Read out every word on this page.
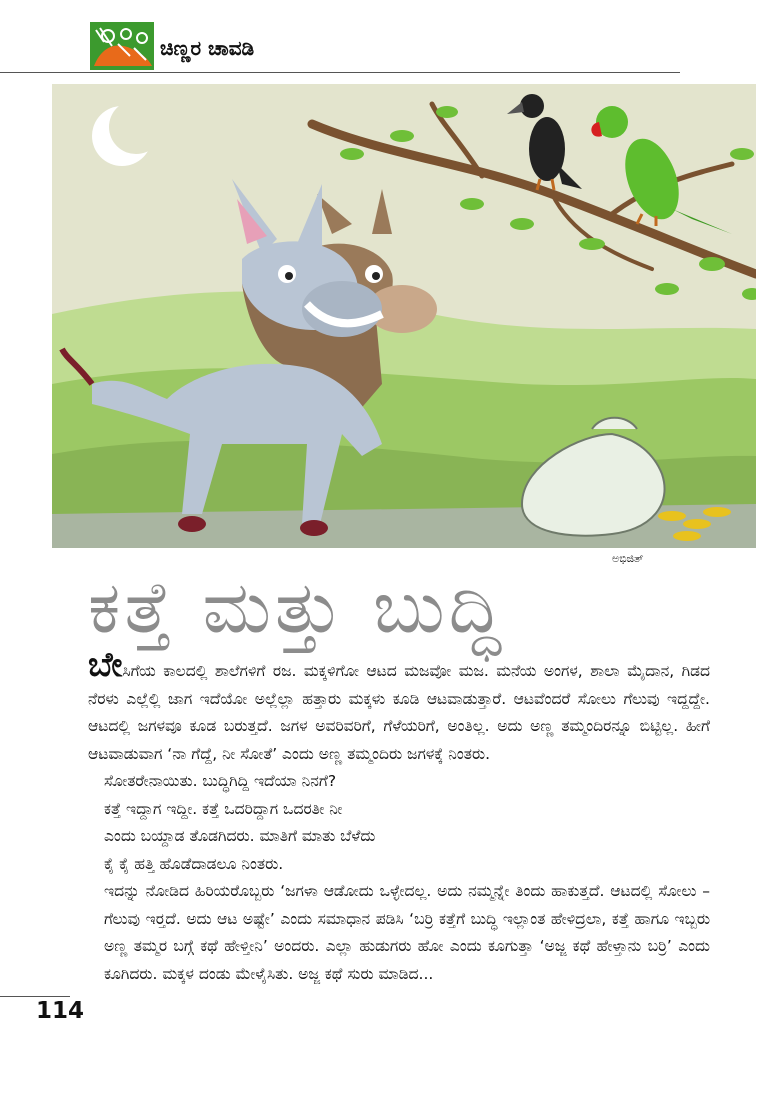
ಚಿಣ್ಣರ ಚಾವಡಿ
ಅಭಿಜಿತ್
ಕತ್ತೆ ಮತ್ತು ಬುದ್ಧಿ

ಬೇಸಿಗೆಯ ಕಾಲದಲ್ಲಿ ಶಾಲೆಗಳಿಗೆ ರಜ. ಮಕ್ಕಳಿಗೋ ಆಟದ ಮಜವೋ ಮಜ. ಮನೆಯ ಅಂಗಳ, ಶಾಲಾ ಮೈದಾನ, ಗಿಡದ ನೆರಳು ಎಲ್ಲೆಲ್ಲಿ ಜಾಗ ಇದೆಯೋ ಅಲ್ಲೆಲ್ಲಾ ಹತ್ತಾರು ಮಕ್ಕಳು ಕೂಡಿ ಆಟವಾಡುತ್ತಾರೆ. ಆಟವೆಂದರೆ ಸೋಲು ಗೆಲುವು ಇದ್ದದ್ದೇ. ಆಟದಲ್ಲಿ ಜಗಳವೂ ಕೂಡ ಬರುತ್ತದೆ. ಜಗಳ ಅವರಿವರಿಗೆ, ಗೆಳೆಯರಿಗೆ, ಅಂತಿಲ್ಲ. ಅದು ಅಣ್ಣ ತಮ್ಮಂದಿರನ್ನೂ ಬಿಟ್ಟಿಲ್ಲ. ಹೀಗೆ ಆಟವಾಡುವಾಗ ‘ನಾ ಗೆದ್ದೆ, ನೀ ಸೋತೆ’ ಎಂದು ಅಣ್ಣ ತಮ್ಮಂದಿರು ಜಗಳಕ್ಕೆ ನಿಂತರು.

ಸೋತರೇನಾಯಿತು. ಬುದ್ಧಿಗಿದ್ದಿ ಇದೆಯಾ ನಿನಗೆ?

ಕತ್ತೆ ಇದ್ದಾಗ ಇದ್ದೀ. ಕತ್ತೆ ಒದರಿದ್ದಾಗ ಒದರತೀ ನೀ

ಎಂದು ಬಯ್ದಾಡ ತೊಡಗಿದರು. ಮಾತಿಗೆ ಮಾತು ಬೆಳೆದು

ಕೈ ಕೈ ಹತ್ತಿ ಹೊಡೆದಾಡಲೂ ನಿಂತರು.

ಇದನ್ನು ನೋಡಿದ ಹಿರಿಯರೊಬ್ಬರು ‘ಜಗಳಾ ಆಡೋದು ಒಳ್ಳೇದಲ್ಲ. ಅದು ನಮ್ಮನ್ನೇ ತಿಂದು ಹಾಕುತ್ತದೆ. ಆಟದಲ್ಲಿ ಸೋಲು – ಗೆಲುವು ಇರ್‍ತದೆ. ಅದು ಆಟ ಅಷ್ಟೇ’ ಎಂದು ಸಮಾಧಾನ ಪಡಿಸಿ ‘ಬರ್‍ರಿ ಕತ್ತೆಗೆ ಬುದ್ಧಿ ಇಲ್ಲಾಂತ ಹೇಳಿದ್ರಲಾ, ಕತ್ತೆ ಹಾಗೂ ಇಬ್ಬರು ಅಣ್ಣ ತಮ್ಮರ ಬಗ್ಗೆ ಕಥೆ ಹೇಳ್ತೀನಿ’ ಅಂದರು. ಎಲ್ಲಾ ಹುಡುಗರು ಹೋ ಎಂದು ಕೂಗುತ್ತಾ ‘ಅಜ್ಜ ಕಥೆ ಹೇಳ್ತಾನು ಬರ್‍ರಿ’ ಎಂದು ಕೂಗಿದರು. ಮಕ್ಕಳ ದಂಡು ಮೇಳೈಸಿತು. ಅಜ್ಜ ಕಥೆ ಸುರು ಮಾಡಿದ...

114
